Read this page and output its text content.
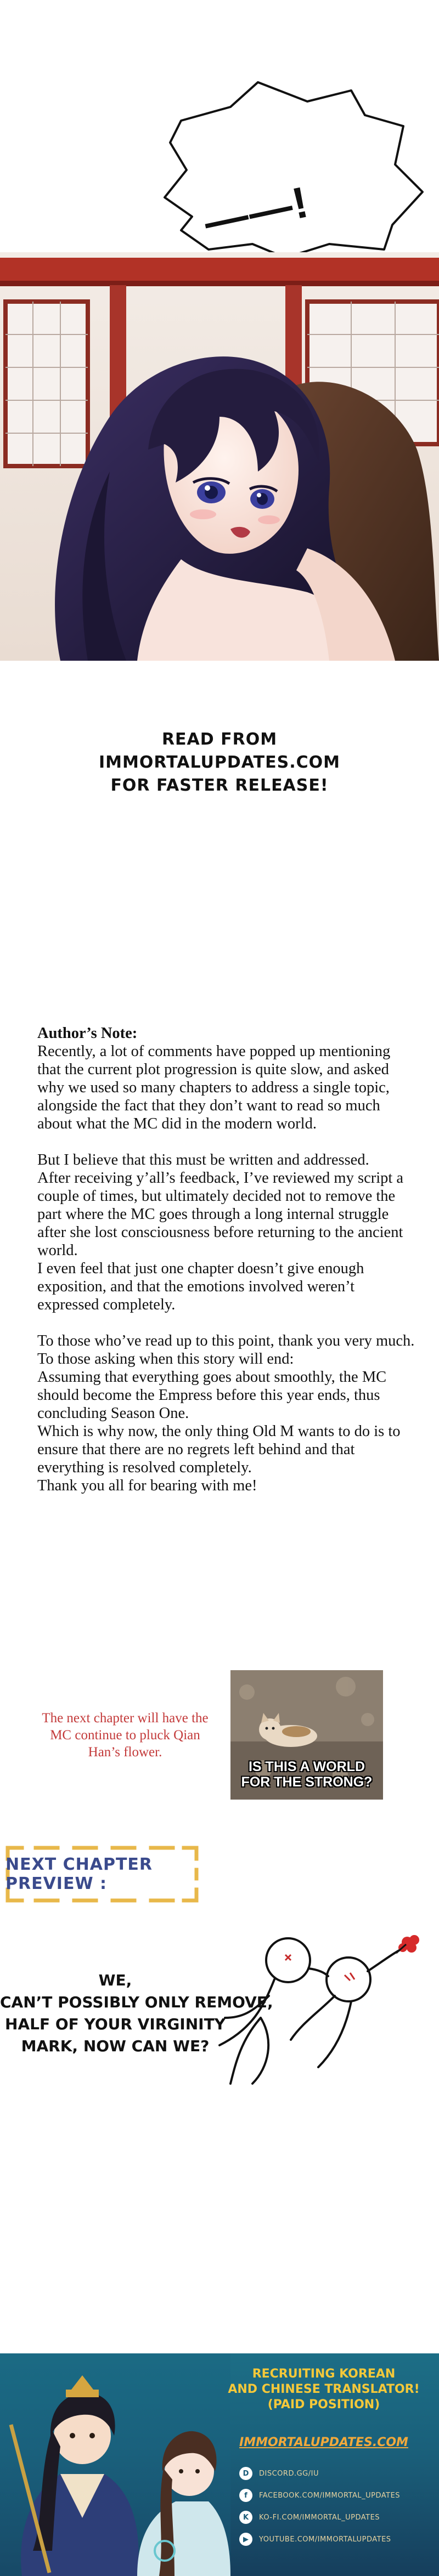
——!
READ FROM
IMMORTALUPDATES.COM
FOR FASTER RELEASE!

Author’s Note:

Recently, a lot of comments have popped up mentioning that the current plot progression is quite slow, and asked why we used so many chapters to address a single topic, alongside the fact that they don’t want to read so much about what the MC did in the modern world.

But I believe that this must be written and addressed.

After receiving y’all’s feedback, I’ve reviewed my script a couple of times, but ultimately decided not to remove the part where the MC goes through a long internal struggle after she lost consciousness before returning to the ancient world.

I even feel that just one chapter doesn’t give enough exposition, and that the emotions involved weren’t expressed completely.

To those who’ve read up to this point, thank you very much.

To those asking when this story will end:

Assuming that everything goes about smoothly, the MC should become the Empress before this year ends, thus concluding Season One.

Which is why now, the only thing Old M wants to do is to ensure that there are no regrets left behind and that everything is resolved completely.

Thank you all for bearing with me!

The next chapter will have the MC continue to pluck Qian Han’s flower.
IS THIS A WORLD
FOR THE STRONG?
NEXT CHAPTER PREVIEW :
WE,
CAN’T POSSIBLY ONLY REMOVE,
HALF OF YOUR VIRGINITY
MARK, NOW CAN WE?
RECRUITING KOREAN
AND CHINESE TRANSLATOR!
(PAID POSITION)
IMMORTALUPDATES.COM
D	DISCORD.GG/IU
f	FACEBOOK.COM/IMMORTAL_UPDATES
K	KO-FI.COM/IMMORTAL_UPDATES
▶	YOUTUBE.COM/IMMORTALUPDATES
